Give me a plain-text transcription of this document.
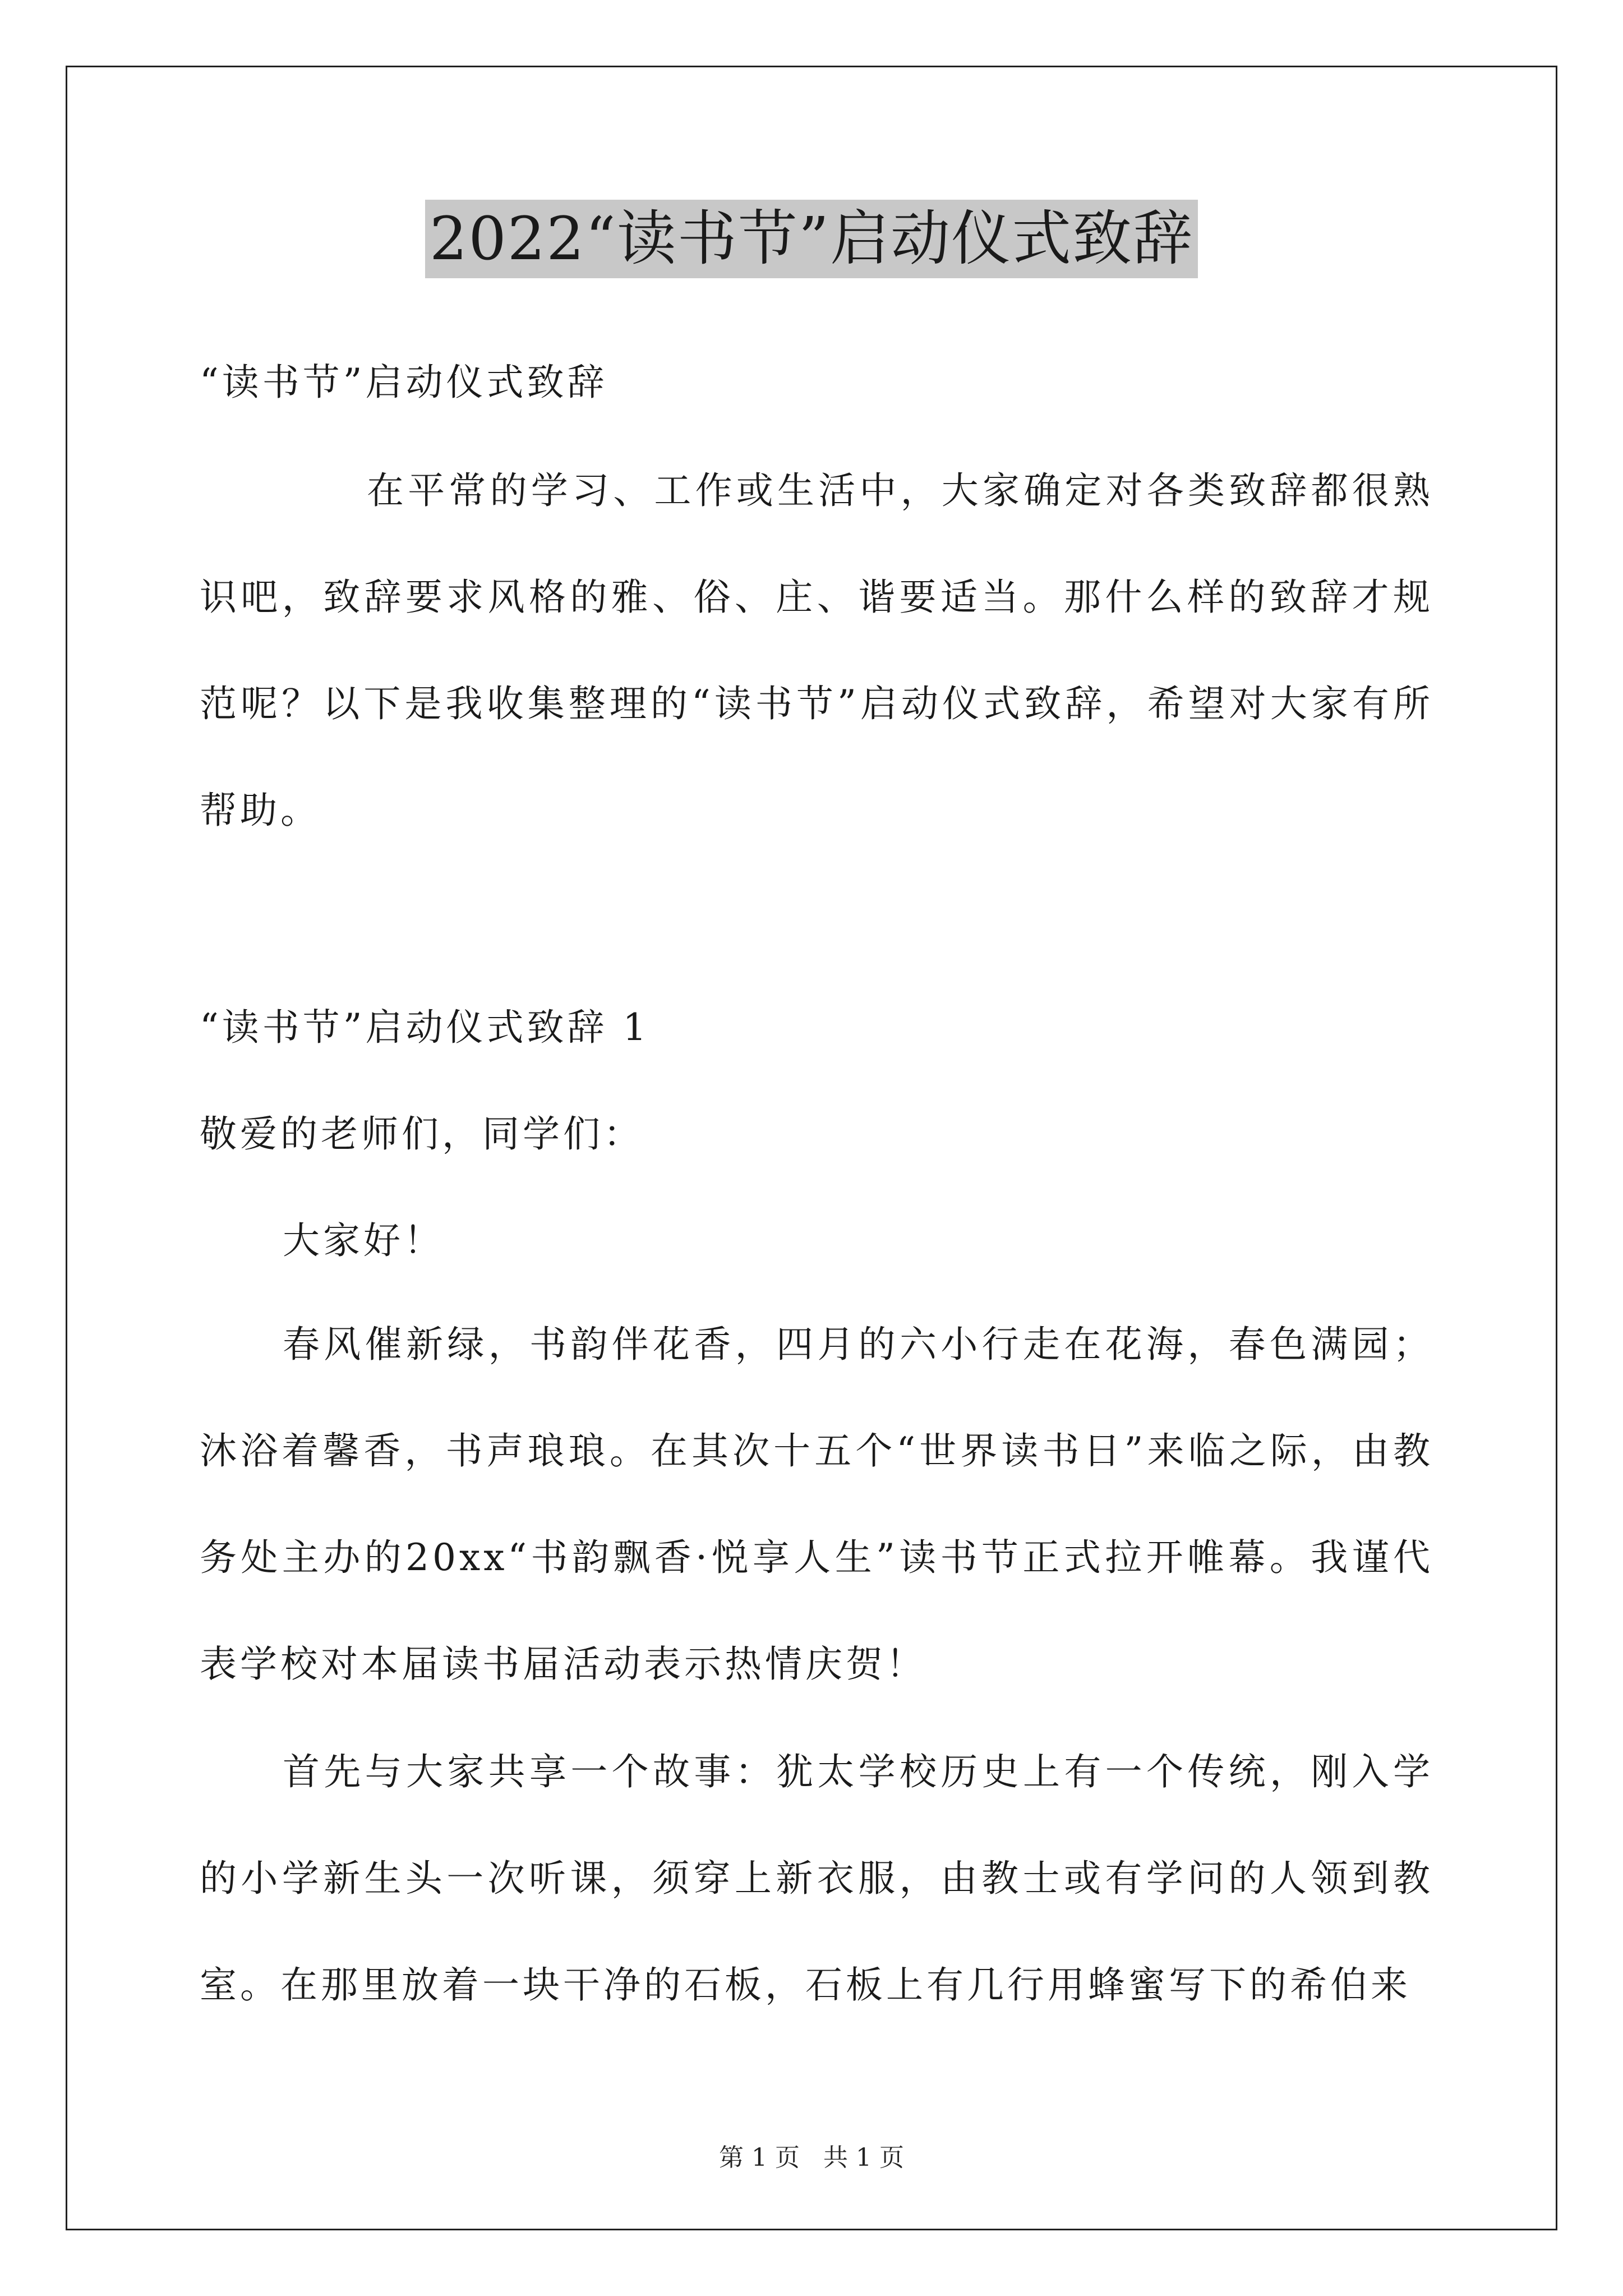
2022“读书节”启动仪式致辞
“读书节”启动仪式致辞
在平常的学习、工作或生活中，大家确定对各类致辞都很熟识吧，致辞要求风格的雅、俗、庄、谐要适当。那什么样的致辞才规范呢？以下是我收集整理的“读书节”启动仪式致辞，希望对大家有所帮助。
“读书节”启动仪式致辞 1
敬爱的老师们，同学们：
大家好！
春风催新绿，书韵伴花香，四月的六小行走在花海，春色满园；沐浴着馨香，书声琅琅。在其次十五个“世界读书日”来临之际，由教务处主办的20xx“书韵飘香·悦享人生”读书节正式拉开帷幕。我谨代表学校对本届读书届活动表示热情庆贺！
首先与大家共享一个故事：犹太学校历史上有一个传统，刚入学的小学新生头一次听课，须穿上新衣服，由教士或有学问的人领到教室。在那里放着一块干净的石板，石板上有几行用蜂蜜写下的希伯来
第 1 页 共 1 页
